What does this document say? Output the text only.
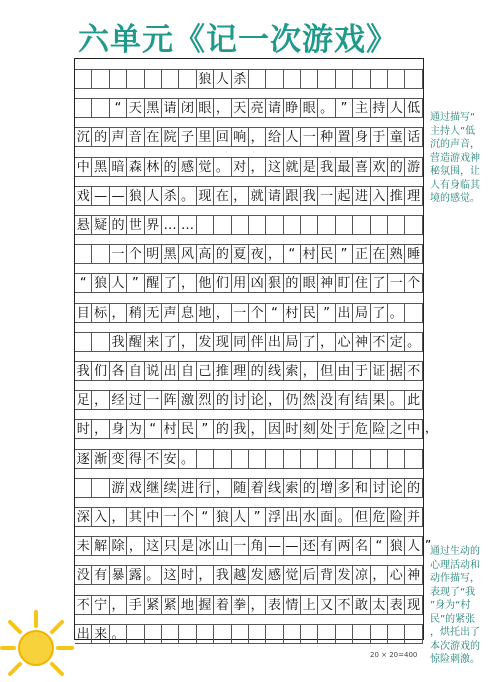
六单元《记一次游戏》
狼 人 杀
“ 天 黑 请 闭 眼 ， 天 亮 请 睁 眼 。 ” 主 持 人 低
沉 的 声 音 在 院 子 里 回 响 ， 给 人 一 种 置 身 于 童 话
中 黑 暗 森 林 的 感 觉 。 对 ， 这 就 是 我 最 喜 欢 的 游
戏 — — 狼 人 杀 。 现 在 ， 就 请 跟 我 一 起 进 入 推 理
悬 疑 的 世 界 … …
一 个 明 黑 风 高 的 夏 夜 ， “ 村 民 ” 正 在 熟 睡
“ 狼 人 ” 醒 了 ， 他 们 用 凶 狠 的 眼 神 盯 住 了 一 个
目 标 ， 稍 无 声 息 地 ， 一 个 “ 村 民 ” 出 局 了 。
我 醒 来 了 ， 发 现 同 伴 出 局 了 ， 心 神 不 定 。
我 们 各 自 说 出 自 己 推 理 的 线 索 ， 但 由 于 证 据 不
足 ， 经 过 一 阵 激 烈 的 讨 论 ， 仍 然 没 有 结 果 。 此
时 ， 身 为 “ 村 民 ” 的 我 ， 因 时 刻 处 于 危 险 之 中 ，
逐 渐 变 得 不 安 。
游 戏 继 续 进 行 ， 随 着 线 索 的 增 多 和 讨 论 的
深 入 ， 其 中 一 个 “ 狼 人 ” 浮 出 水 面 。 但 危 险 并
未 解 除 ， 这 只 是 冰 山 一 角 — — 还 有 两 名 “ 狼 人 ”
没 有 暴 露 。 这 时 ， 我 越 发 感 觉 后 背 发 凉 ， 心 神
不 宁 ， 手 紧 紧 地 握 着 拳 ， 表 情 上 又 不 敢 太 表 现
出 来 。
通过描写“
主持人”低
沉的声音，
营造游戏神
秘氛围，让
人有身临其
境的感觉。
通过生动的
心理活动和
动作描写，
表现了“我
”身为“村
民”的紧张
，烘托出了
本次游戏的
惊险刺激。
20 × 20=400
